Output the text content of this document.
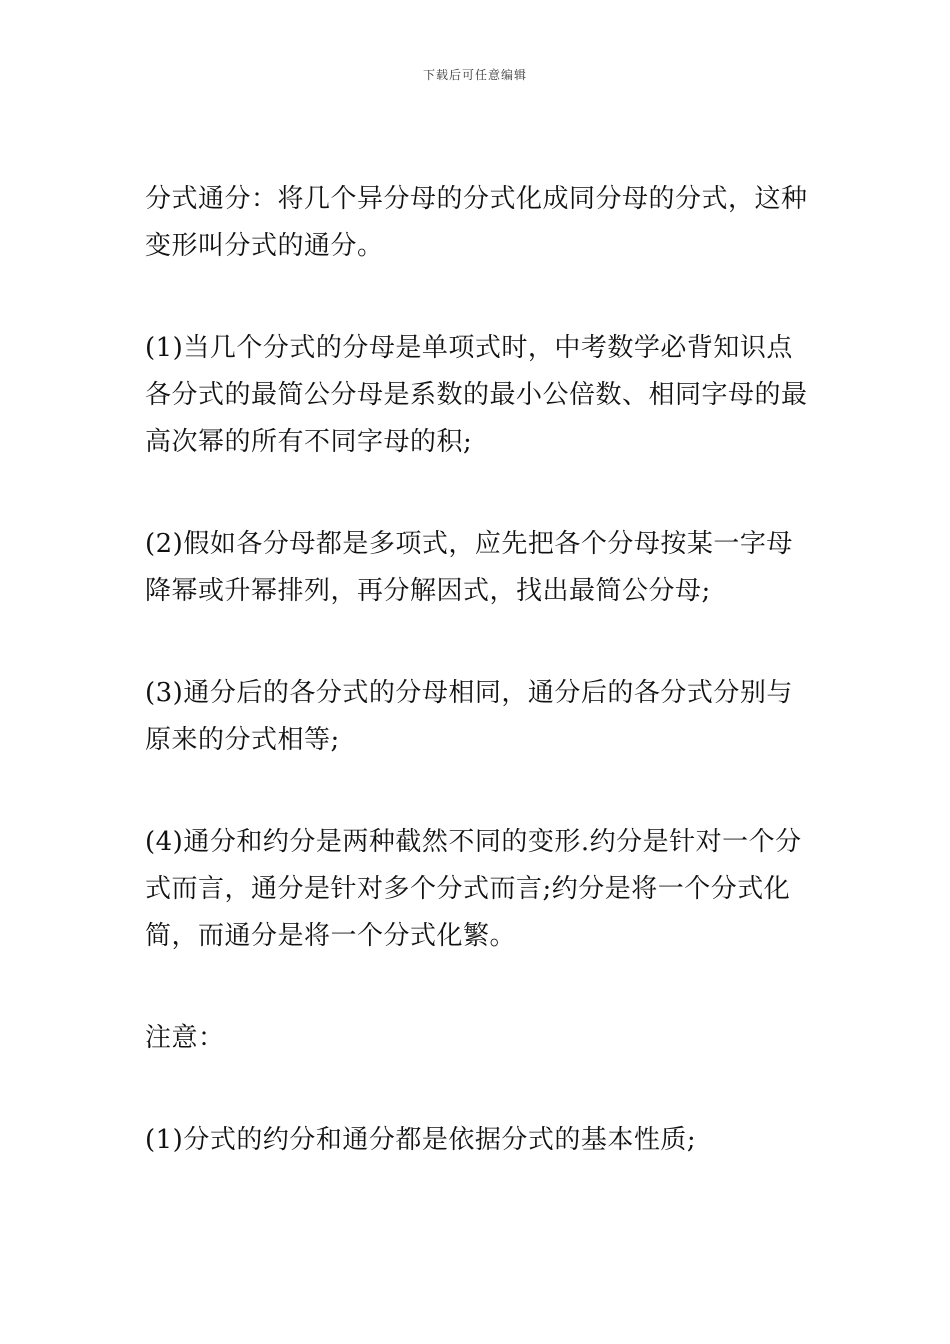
下载后可任意编辑

分式通分：将几个异分母的分式化成同分母的分式，这种变形叫分式的通分。

(1)当几个分式的分母是单项式时，中考数学必背知识点各分式的最简公分母是系数的最小公倍数、相同字母的最高次幂的所有不同字母的积;

(2)假如各分母都是多项式，应先把各个分母按某一字母降幂或升幂排列，再分解因式，找出最简公分母;

(3)通分后的各分式的分母相同，通分后的各分式分别与原来的分式相等;

(4)通分和约分是两种截然不同的变形.约分是针对一个分式而言，通分是针对多个分式而言;约分是将一个分式化简，而通分是将一个分式化繁。

注意：

(1)分式的约分和通分都是依据分式的基本性质;
